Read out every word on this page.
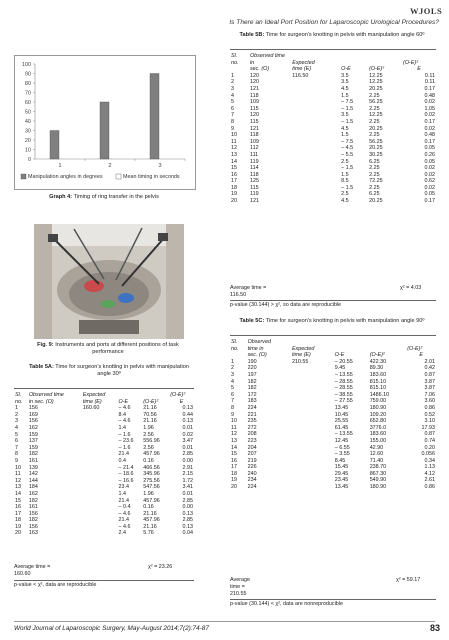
WJOLS
Is There an Ideal Port Position for Laparoscopic Urological Procedures?
0
10
20
30
40
50
60
70
80
90
100
1	2	3
Manipulation angles in degrees	Mean timing in seconds
Graph 4: Timing of ring transfer in the pelvis
Fig. 9: Instruments and ports at different positions of task performance
Table 5A: Time for surgeon's knotting in pelvis with manipulation angle 30º
Sl.	Observed time	Expected			(O-E)²
no.	in sec. (O)	time (E)	O-E	(O-E)²	E
1	156	160.60	– 4.6	21.16	0.13
2	169		8.4	70.56	0.44
3	156		– 4.6	21.16	0.13
4	162		1.4	1.96	0.01
5	159		– 1.6	2.56	0.02
6	137		– 23.6	556.96	3.47
7	159		– 1.6	2.56	0.01
8	182		21.4	457.96	2.85
9	161		0.4	0.16	0.00
10	139		– 21.4	466.56	2.91
11	142		– 18.6	345.96	2.15
12	144		– 16.6	275.56	1.72
13	184		23.4	547.56	3.41
14	162		1.4	1.96	0.01
15	182		21.4	457.96	2.85
16	161		– 0.4	0.16	0.00
17	156		– 4.6	21.16	0.13
18	182		21.4	457.96	2.85
19	156		– 4.6	21.16	0.13
20	163		2.4	5.76	0.04
Average time =
160.60
χ² = 23.26
p-value < χ², data are reproducible
Table 5B: Time for surgeon's knotting in pelvis with manipulation angle 60º
Sl.	Observed time				
no.	in	Expected			(O-E)²
	sec. (O)	time (E)	O-E	(O-E)²	E
1	120	116.50	3.5	12.25	0.11
2	120		3.5	12.25	0.11
3	121		4.5	20.25	0.17
4	118		1.5	2.25	0.48
5	109		– 7.5	56.25	0.02
6	115		– 1.5	2.25	1.05
7	120		3.5	12.25	0.02
8	115		– 1.5	2.25	0.17
9	121		4.5	20.25	0.02
10	118		1.5	2.25	0.48
11	109		– 7.5	56.25	0.17
12	112		– 4.5	20.25	0.05
13	111		– 5.5	30.25	0.26
14	119		2.5	6.25	0.05
15	114		– 1.5	2.25	0.02
16	118		1.5	2.25	0.02
17	125		8.5	72.25	0.62
18	115		– 1.5	2.25	0.02
19	119		2.5	6.25	0.05
20	121		4.5	20.25	0.17
Average time =
116.50
χ² = 4.03
p-value (30.144) > χ², so data are reproducible
Table 5C: Time for surgeon's knotting in pelvis with manipulation angle 90º
Sl.	Observed				
no.	time in	Expected			(O-E)²
	sec. (O)	time (E)	O-E	(O-E)²	E
1	190	210.55	– 20.55	422.30	2.01
2	220		9.45	89.30	0.42
3	197		– 13.55	183.60	0.87
4	182		– 28.55	815.10	3.87
5	182		– 28.55	815.10	3.87
6	172		– 38.55	1486.10	7.06
7	183		– 27.55	759.00	3.60
8	224		13.45	180.90	0.86
9	221		10.45	109.20	0.52
10	235		25.55	652.80	3.10
11	272		61.45	3776.0	17.93
12	208		– 13.55	183.60	0.87
13	223		12.45	155.00	0.74
14	204		– 6.55	42.90	0.20
15	207		– 3.55	12.60	0.056
16	219		8.45	71.40	0.34
17	226		15.45	238.70	1.13
18	240		29.45	867.30	4.12
19	234		23.45	549.90	2.61
20	224		13.45	180.90	0.86
Average
time =
210.55
χ² = 59.17
p-value (30.144) < χ², data are nonreproducible
World Journal of Laparoscopic Surgery, May-August 2014;7(2):74-87	83
